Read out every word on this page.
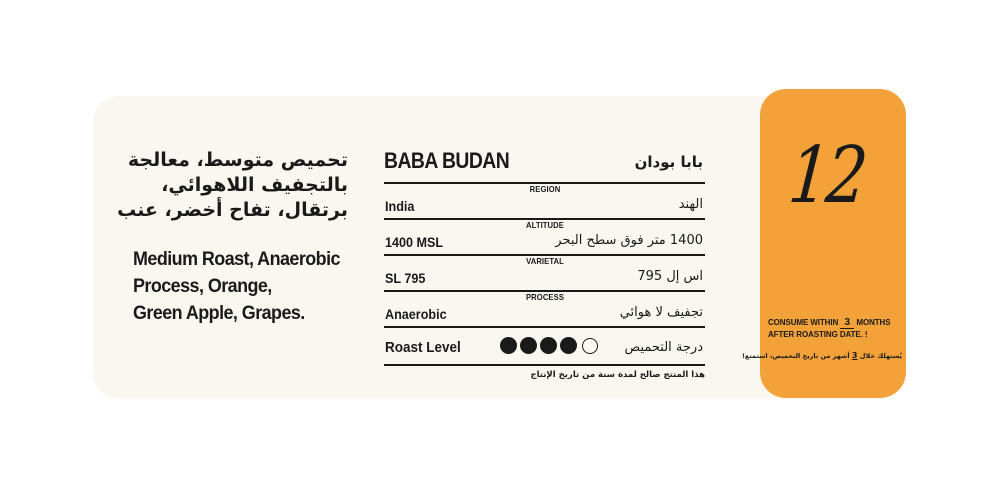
تحميص متوسط، معالجة
بالتجفيف اللاهوائي،
برتقال، تفاح أخضر، عنب
Medium Roast, Anaerobic
Process, Orange,
Green Apple, Grapes.
BABA BUDAN	بابا بودان
REGION
India	الهند
ALTITUDE
1400 MSL	1400 متر فوق سطح البحر
VARIETAL
SL 795	اس إل 795
PROCESS
Anaerobic	تجفيف لا هوائي
Roast Level	درجة التحميص
هذا المنتج صالح لمدة سنة من تاريخ الإنتاج
12
CONSUME WITHIN 3 MONTHS
AFTER ROASTING DATE. !
يُستهلك خلال 3 أشهر من تاريخ التحميص، استمتع!
